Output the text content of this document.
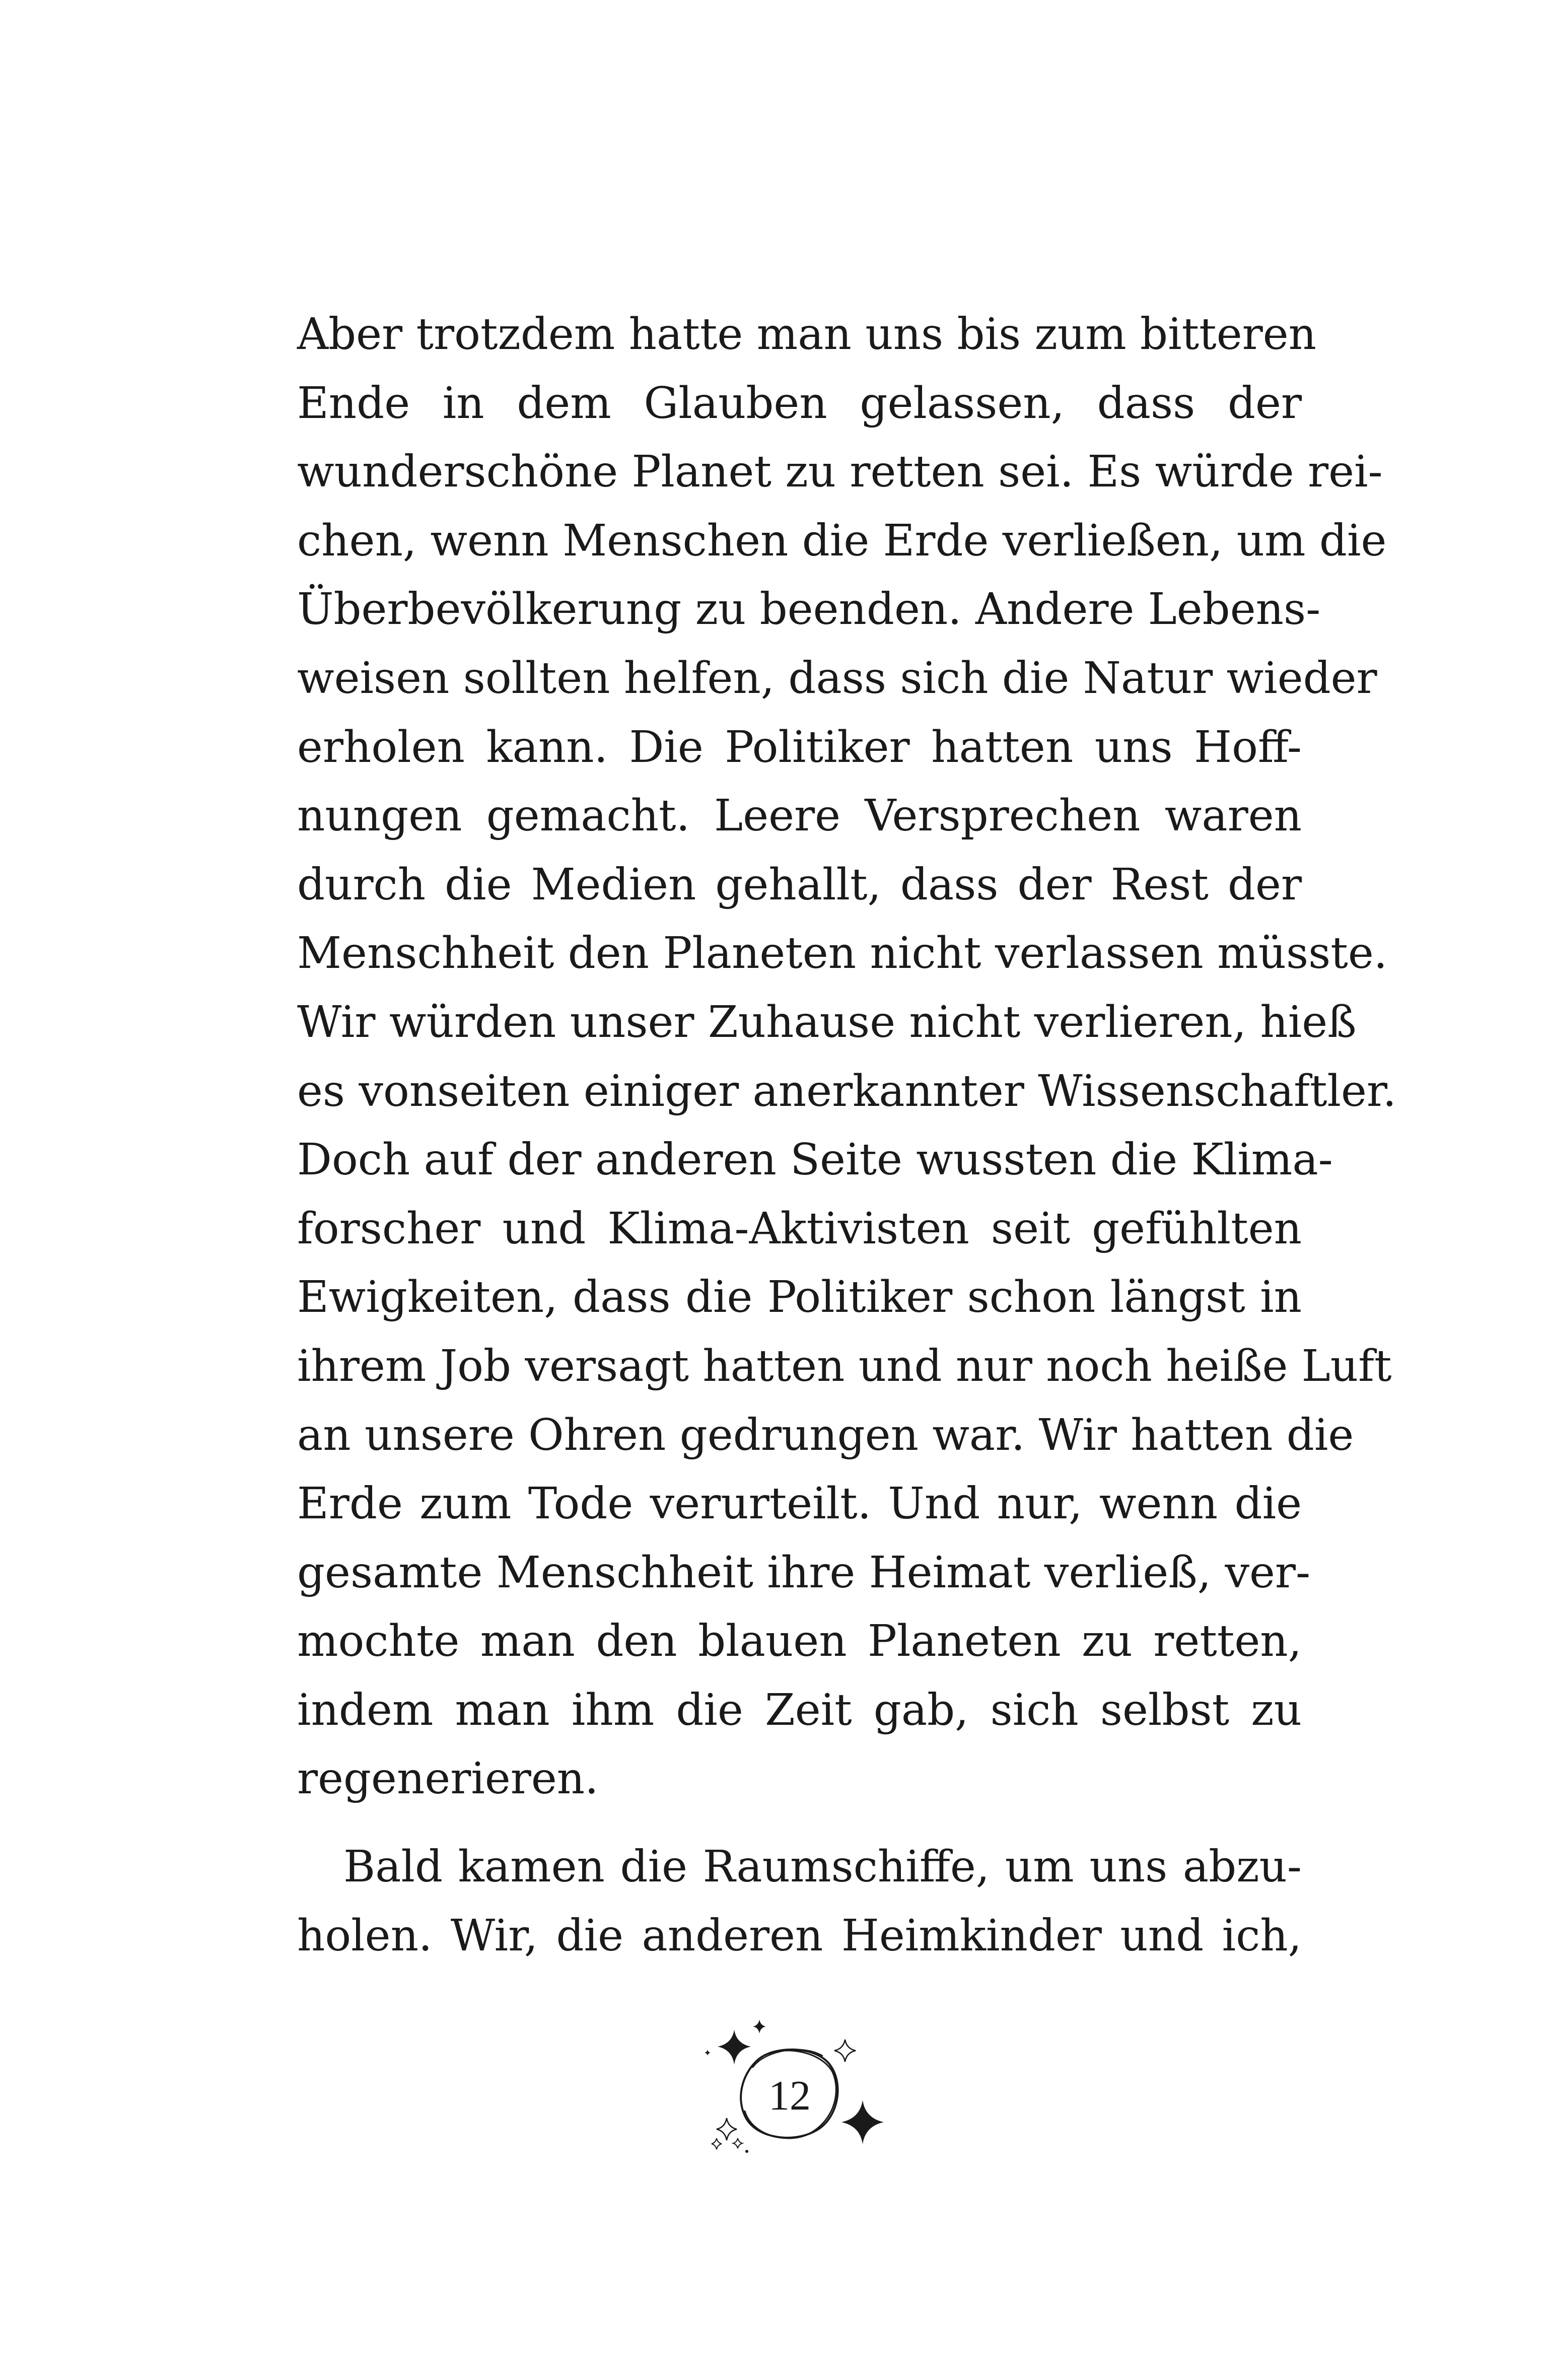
Aber trotzdem hatte man uns bis zum bitteren
Ende in dem Glauben gelassen, dass der
wunderschöne Planet zu retten sei. Es würde rei-
chen, wenn Menschen die Erde verließen, um die
Überbevölkerung zu beenden. Andere Lebens-
weisen sollten helfen, dass sich die Natur wieder
erholen kann. Die Politiker hatten uns Hoff-
nungen gemacht. Leere Versprechen waren
durch die Medien gehallt, dass der Rest der
Menschheit den Planeten nicht verlassen müsste.
Wir würden unser Zuhause nicht verlieren, hieß
es vonseiten einiger anerkannter Wissenschaftler.
Doch auf der anderen Seite wussten die Klima-
forscher und Klima-Aktivisten seit gefühlten
Ewigkeiten, dass die Politiker schon längst in
ihrem Job versagt hatten und nur noch heiße Luft
an unsere Ohren gedrungen war. Wir hatten die
Erde zum Tode verurteilt. Und nur, wenn die
gesamte Menschheit ihre Heimat verließ, ver-
mochte man den blauen Planeten zu retten,
indem man ihm die Zeit gab, sich selbst zu
regenerieren.
Bald kamen die Raumschiffe, um uns abzu-
holen. Wir, die anderen Heimkinder und ich,
12
